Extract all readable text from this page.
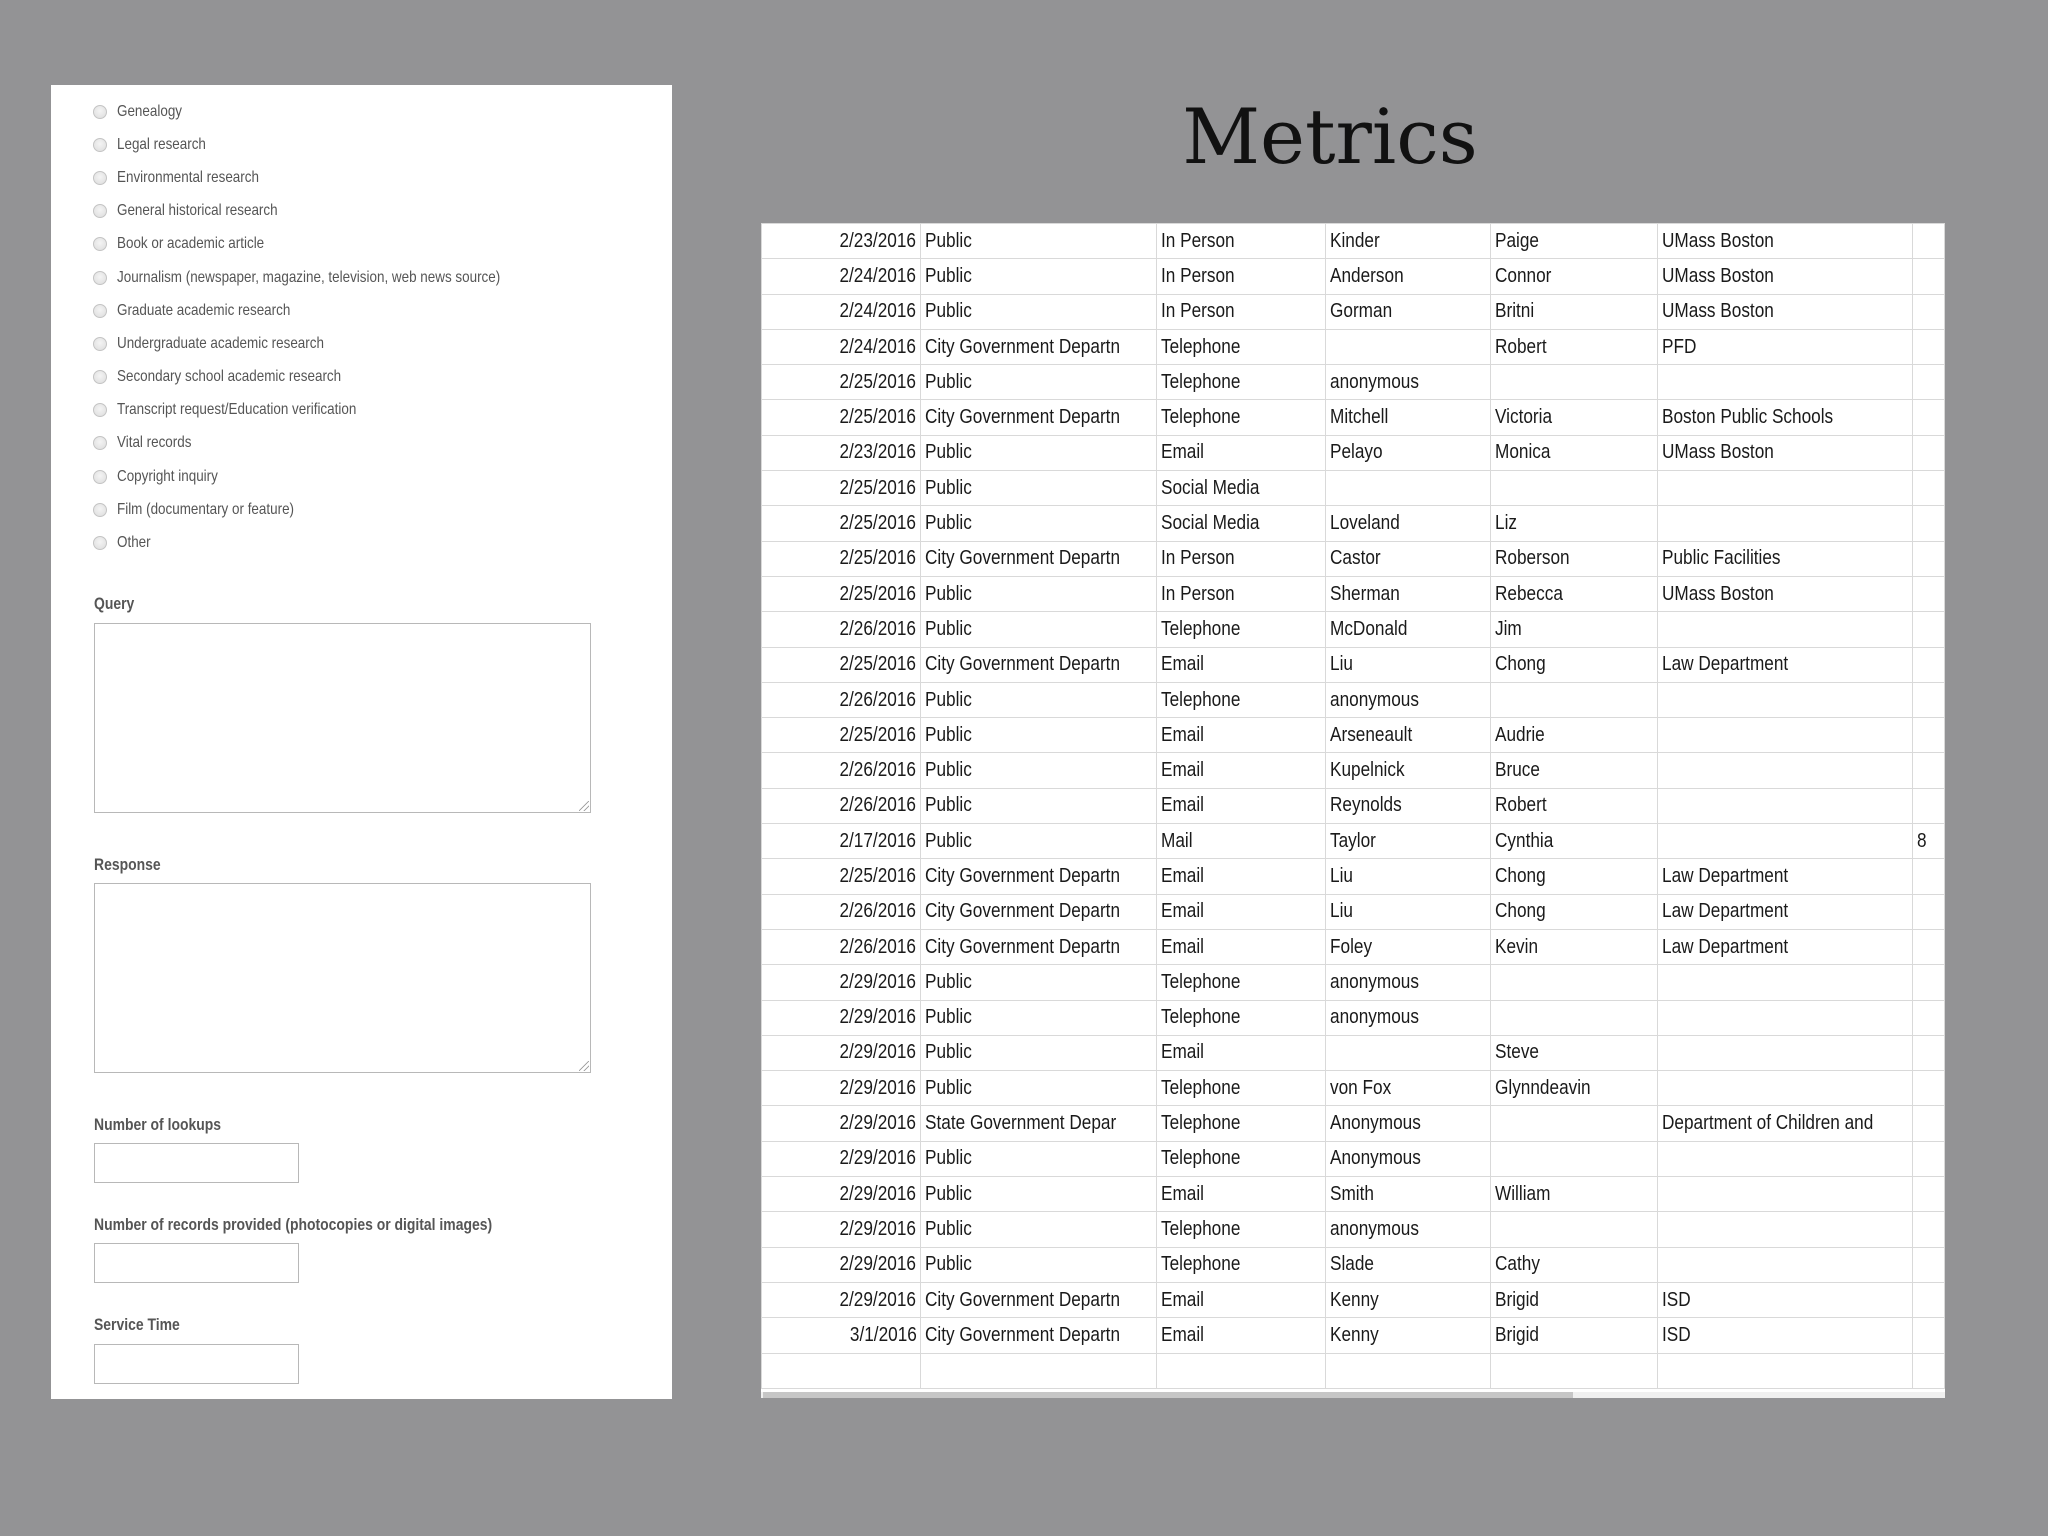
Genealogy
Legal research
Environmental research
General historical research
Book or academic article
Journalism (newspaper, magazine, television, web news source)
Graduate academic research
Undergraduate academic research
Secondary school academic research
Transcript request/Education verification
Vital records
Copyright inquiry
Film (documentary or feature)
Other
Query
Response
Number of lookups
Number of records provided (photocopies or digital images)
Service Time
Metrics
2/23/2016	Public	In Person	Kinder	Paige	UMass Boston	
2/24/2016	Public	In Person	Anderson	Connor	UMass Boston	
2/24/2016	Public	In Person	Gorman	Britni	UMass Boston	
2/24/2016	City Government Departn	Telephone		Robert	PFD	
2/25/2016	Public	Telephone	anonymous			
2/25/2016	City Government Departn	Telephone	Mitchell	Victoria	Boston Public Schools	
2/23/2016	Public	Email	Pelayo	Monica	UMass Boston	
2/25/2016	Public	Social Media				
2/25/2016	Public	Social Media	Loveland	Liz		
2/25/2016	City Government Departn	In Person	Castor	Roberson	Public Facilities	
2/25/2016	Public	In Person	Sherman	Rebecca	UMass Boston	
2/26/2016	Public	Telephone	McDonald	Jim		
2/25/2016	City Government Departn	Email	Liu	Chong	Law Department	
2/26/2016	Public	Telephone	anonymous			
2/25/2016	Public	Email	Arseneault	Audrie		
2/26/2016	Public	Email	Kupelnick	Bruce		
2/26/2016	Public	Email	Reynolds	Robert		
2/17/2016	Public	Mail	Taylor	Cynthia		8
2/25/2016	City Government Departn	Email	Liu	Chong	Law Department	
2/26/2016	City Government Departn	Email	Liu	Chong	Law Department	
2/26/2016	City Government Departn	Email	Foley	Kevin	Law Department	
2/29/2016	Public	Telephone	anonymous			
2/29/2016	Public	Telephone	anonymous			
2/29/2016	Public	Email		Steve		
2/29/2016	Public	Telephone	von Fox	Glynndeavin		
2/29/2016	State Government Depar	Telephone	Anonymous		Department of Children and	
2/29/2016	Public	Telephone	Anonymous			
2/29/2016	Public	Email	Smith	William		
2/29/2016	Public	Telephone	anonymous			
2/29/2016	Public	Telephone	Slade	Cathy		
2/29/2016	City Government Departn	Email	Kenny	Brigid	ISD	
3/1/2016	City Government Departn	Email	Kenny	Brigid	ISD	
